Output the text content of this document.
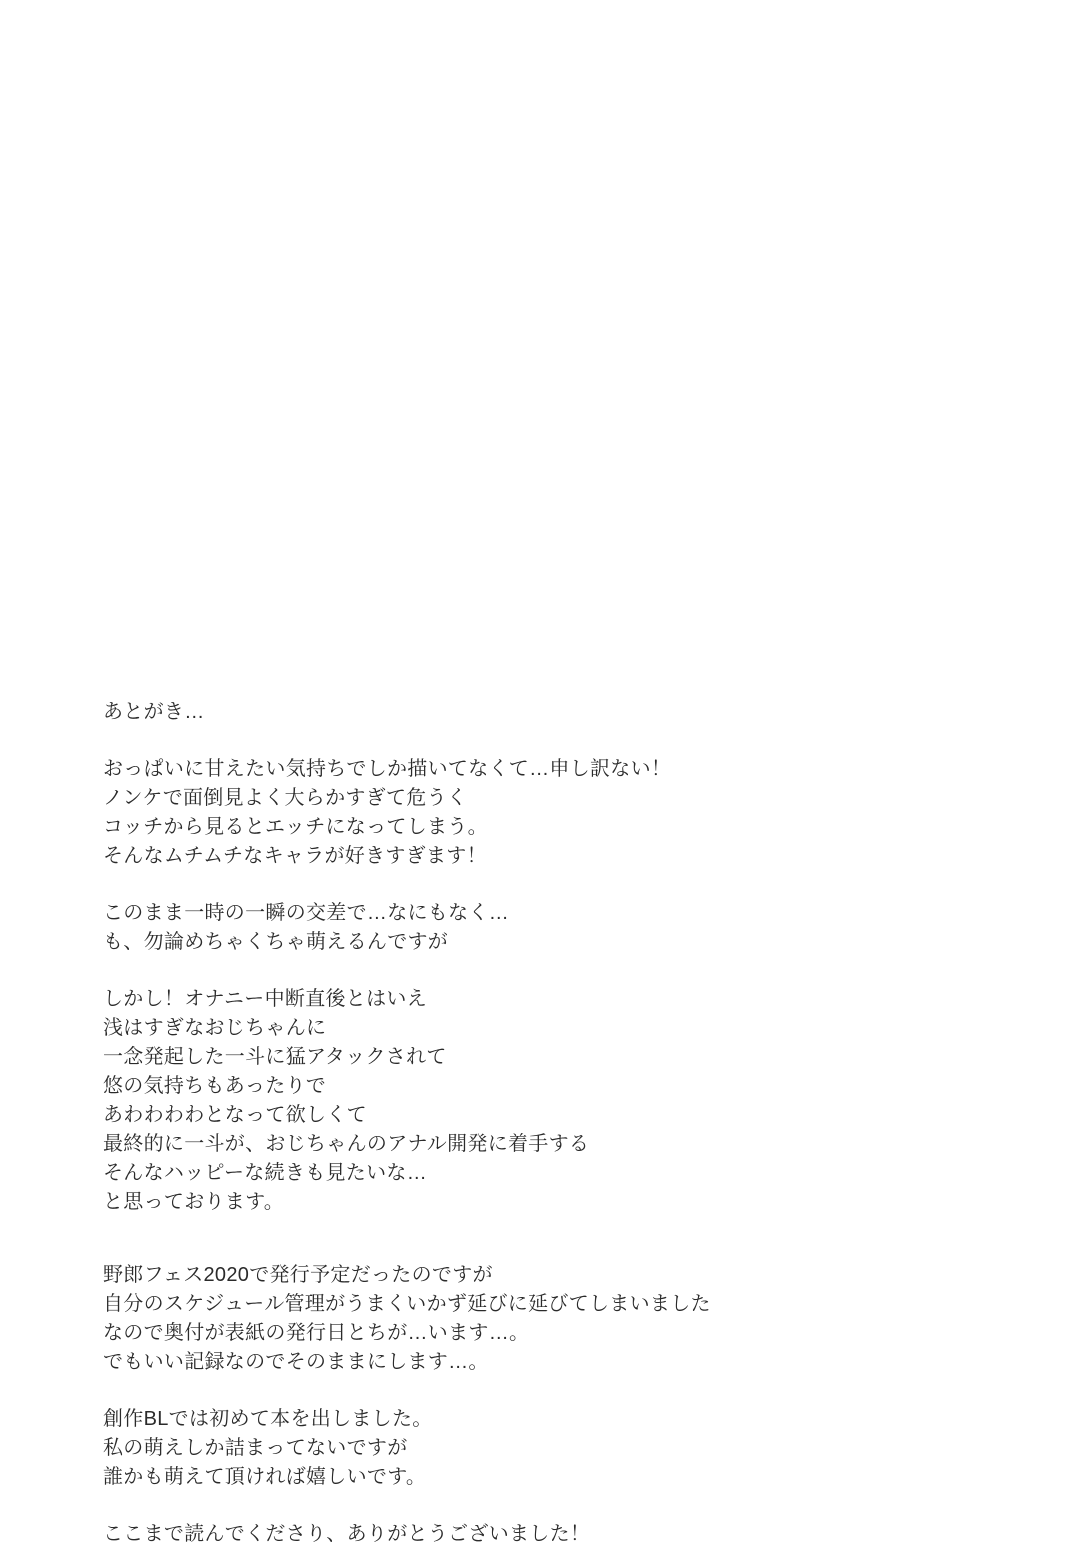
あとがき…
おっぱいに甘えたい気持ちでしか描いてなくて…申し訳ない！
ノンケで面倒見よく大らかすぎて危うく
コッチから見るとエッチになってしまう。
そんなムチムチなキャラが好きすぎます！
このまま一時の一瞬の交差で…なにもなく…
も、勿論めちゃくちゃ萌えるんですが
しかし！オナニー中断直後とはいえ
浅はすぎなおじちゃんに
一念発起した一斗に猛アタックされて
悠の気持ちもあったりで
あわわわわとなって欲しくて
最終的に一斗が、おじちゃんのアナル開発に着手する
そんなハッピーな続きも見たいな…
と思っております。
野郎フェス2020で発行予定だったのですが
自分のスケジュール管理がうまくいかず延びに延びてしまいました
なので奥付が表紙の発行日とちが…います…。
でもいい記録なのでそのままにします…。
創作BLでは初めて本を出しました。
私の萌えしか詰まってないですが
誰かも萌えて頂ければ嬉しいです。
ここまで読んでくださり、ありがとうございました！
